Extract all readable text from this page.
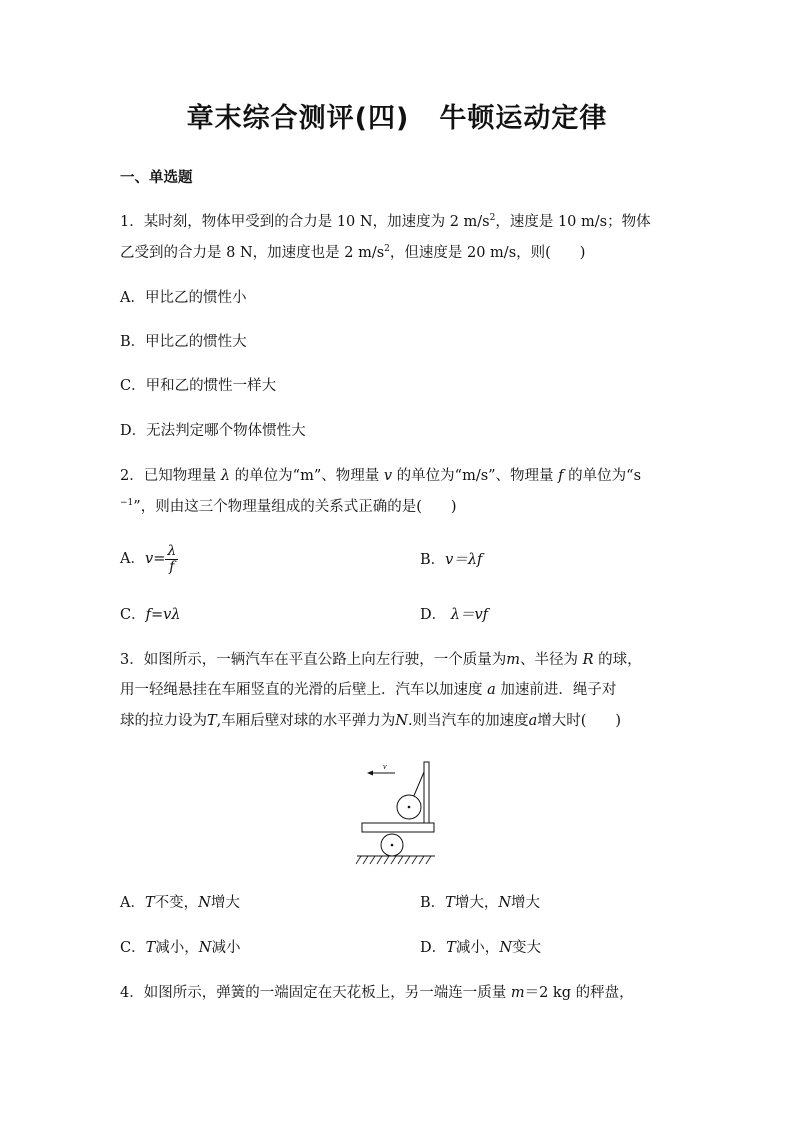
章末综合测评(四) 牛顿运动定律
一、单选题
1．某时刻，物体甲受到的合力是 10 N，加速度为 2 $m/s^2$，速度是 10 m/s；物体
乙受到的合力是 8 N，加速度也是 2 $m/s^2$，但速度是 20 m/s，则(　　)
A．甲比乙的惯性小
B．甲比乙的惯性大
C．甲和乙的惯性一样大
D．无法判定哪个物体惯性大
2．已知物理量 λ 的单位为“m”、物理量 v 的单位为“m/s”、物理量 f 的单位为“s
$^{-1}$”，则由这三个物理量组成的关系式正确的是(　　)
A．$v= \frac{\lambda}{f}$	B．v＝λf
C．f=vλ	D． λ＝vf
3．如图所示，一辆汽车在平直公路上向左行驶，一个质量为m、半径为 R 的球，
用一轻绳悬挂在车厢竖直的光滑的后壁上．汽车以加速度 a 加速前进．绳子对
球的拉力设为T,车厢后壁对球的水平弹力为N.则当汽车的加速度a增大时(　　)
v
A．T不变，N增大	B．T增大，N增大
C．T减小，N减小	D．T减小，N变大
4．如图所示，弹簧的一端固定在天花板上，另一端连一质量 m＝2 kg 的秤盘，
